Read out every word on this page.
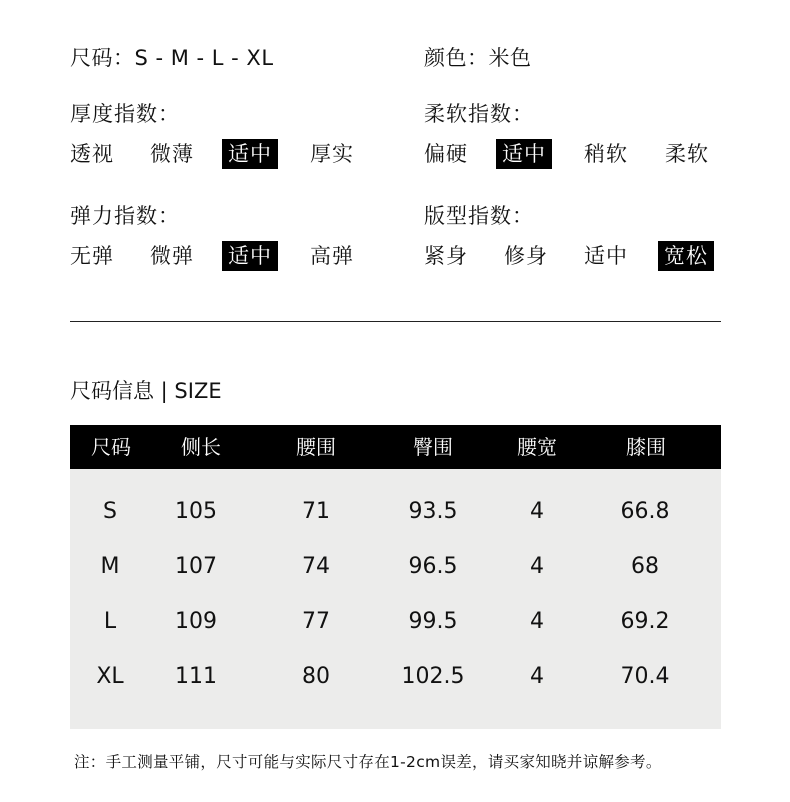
尺码：S - M - L - XL	颜色：米色
厚度指数：
透视 微薄 适中 厚实
柔软指数：
偏硬 适中 稍软 柔软
弹力指数：
无弹 微弹 适中 高弹
版型指数：
紧身 修身 适中 宽松
尺码信息 | SIZE
尺码	侧长	腰围	臀围	腰宽	膝围
S	105	71	93.5	4	66.8
M	107	74	96.5	4	68
L	109	77	99.5	4	69.2
XL 111	80	102.5	4	70.4
注：手工测量平铺，尺寸可能与实际尺寸存在1-2cm误差，请买家知晓并谅解参考。
